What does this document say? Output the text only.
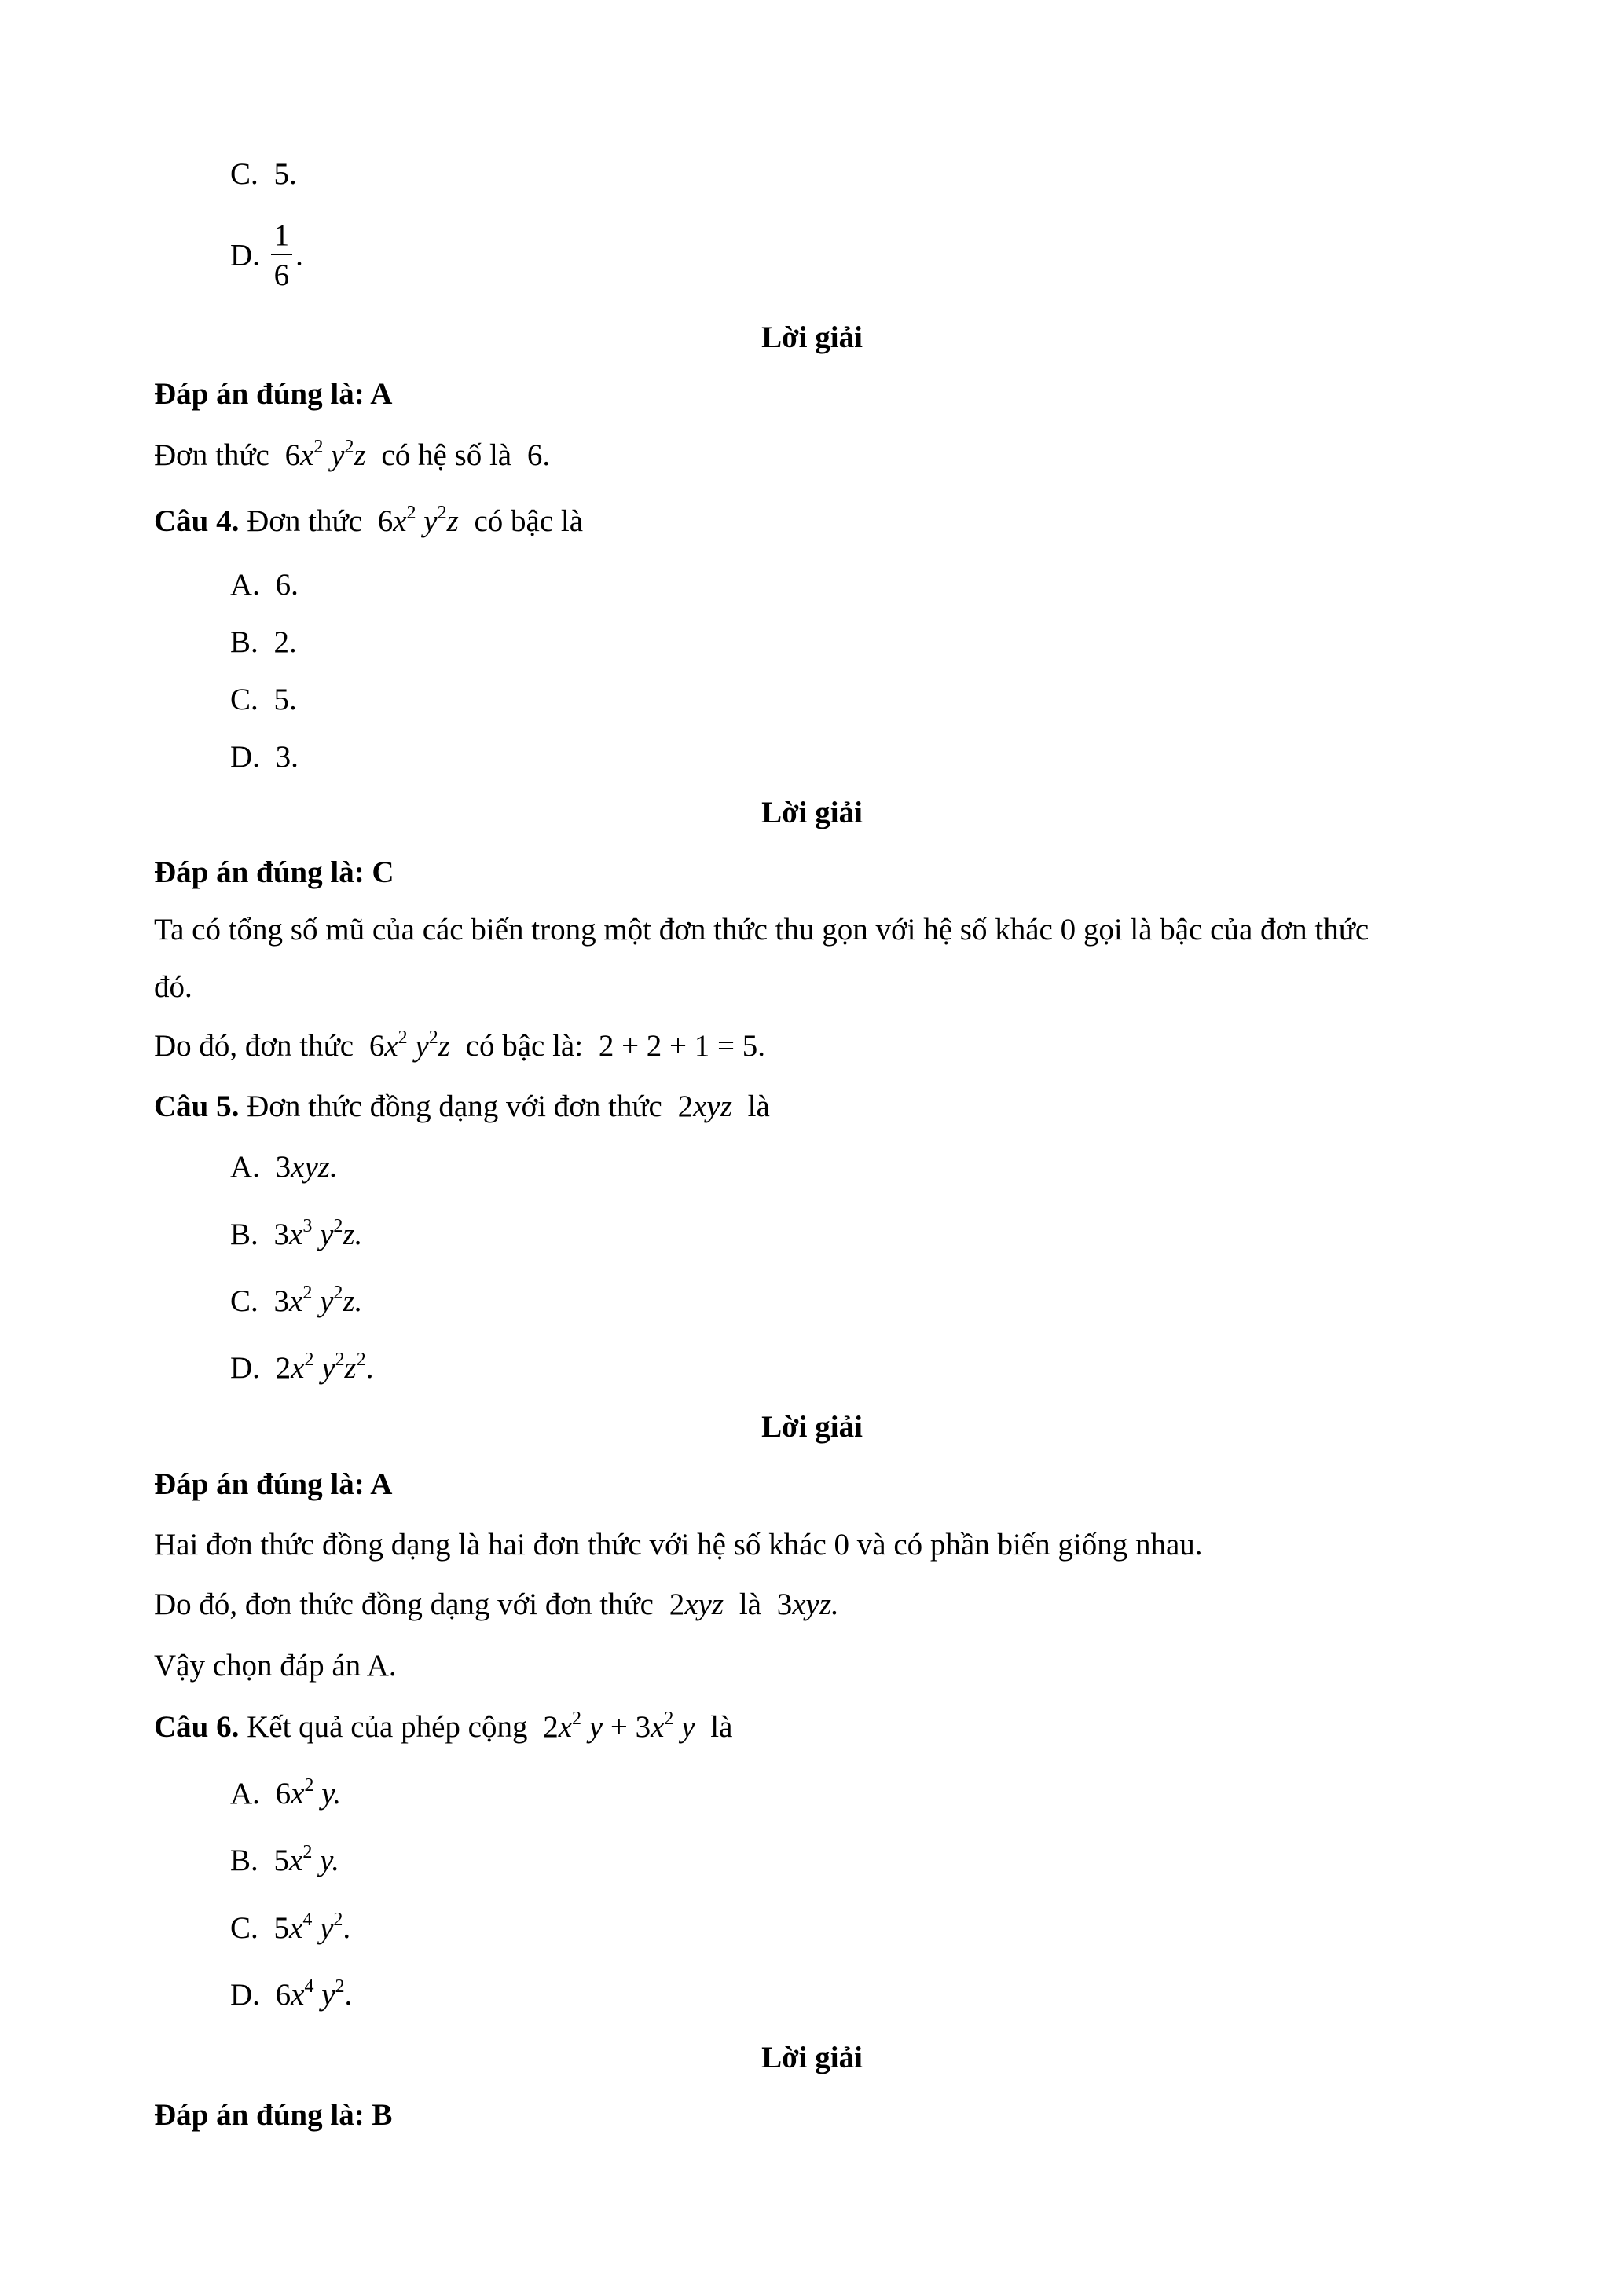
C. 5.
D. $\frac{1}{6}$ .
Lời giải
Đáp án đúng là: A
Đơn thức $6x^2$ $y^2z$ có hệ số là 6.
Câu 4. Đơn thức $6x^2$ $y^2z$ có bậc là
A. 6.
B. 2.
C. 5.
D. 3.
Lời giải
Đáp án đúng là: C
Ta có tổng số mũ của các biến trong một đơn thức thu gọn với hệ số khác 0 gọi là bậc của đơn thức
đó.
Do đó, đơn thức $6x^2$ $y^2z$ có bậc là: 2 + 2 + 1 = 5.
Câu 5. Đơn thức đồng dạng với đơn thức 2xyz là
A. 3xyz.
B. $3x^3$ $y^2z$.
C. $3x^2$ $y^2z$.
D. $2x^2$ $y^2z^2$.
Lời giải
Đáp án đúng là: A
Hai đơn thức đồng dạng là hai đơn thức với hệ số khác 0 và có phần biến giống nhau.
Do đó, đơn thức đồng dạng với đơn thức 2xyz là 3xyz.
Vậy chọn đáp án A.
Câu 6. Kết quả của phép cộng $2x^2$ $y + 3x^2$ y là
A. $6x^2$ y.
B. $5x^2$ y.
C. $5x^4$ $y^2$.
D. $6x^4$ $y^2$.
Lời giải
Đáp án đúng là: B
